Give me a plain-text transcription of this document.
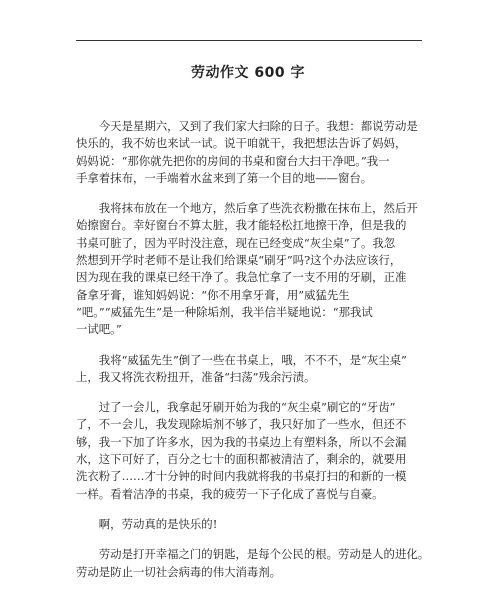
劳动作文 600 字
　　今天是星期六，又到了我们家大扫除的日子。我想：都说劳动是
快乐的，我不妨也来试一试。说干咱就干，我把想法告诉了妈妈，
妈妈说：“那你就先把你的房间的书桌和窗台大扫干净吧。”我一
手拿着抹布，一手端着水盆来到了第一个目的地——窗台。
　　我将抹布放在一个地方，然后拿了些洗衣粉撒在抹布上，然后开
始擦窗台。幸好窗台不算太脏，我才能轻松扛地擦干净，但是我的
书桌可脏了，因为平时没注意，现在已经变成“灰尘桌”了。我忽
然想到开学时老师不是让我们给课桌“刷牙”吗?这个办法应该行，
因为现在我的课桌已经干净了。我急忙拿了一支不用的牙刷，正准
备拿牙膏，谁知妈妈说：“你不用拿牙膏，用”威猛先生
“吧。”“威猛先生”是一种除垢剂，我半信半疑地说：“那我试
一试吧。”
　　我将“威猛先生”倒了一些在书桌上，哦，不不不，是“灰尘桌”
上，我又将洗衣粉扭开，准备“扫荡”残余污渍。
　　过了一会儿，我拿起牙刷开始为我的“灰尘桌”刷它的“牙齿”
了，不一会儿，我发现除垢剂不够了，我只好加了一些水，但还不
够，我一下加了许多水，因为我的书桌边上有塑料条，所以不会漏
水，这下可好了，百分之七十的面积都被清洁了，剩余的，就要用
洗衣粉了……才十分钟的时间内我就将我的书桌打扫的和新的一模
一样。看着洁净的书桌，我的疲劳一下子化成了喜悦与自豪。
　　啊，劳动真的是快乐的!
　　劳动是打开幸福之门的钥匙，是每个公民的根。劳动是人的进化。
劳动是防止一切社会病毒的伟大消毒剂。
